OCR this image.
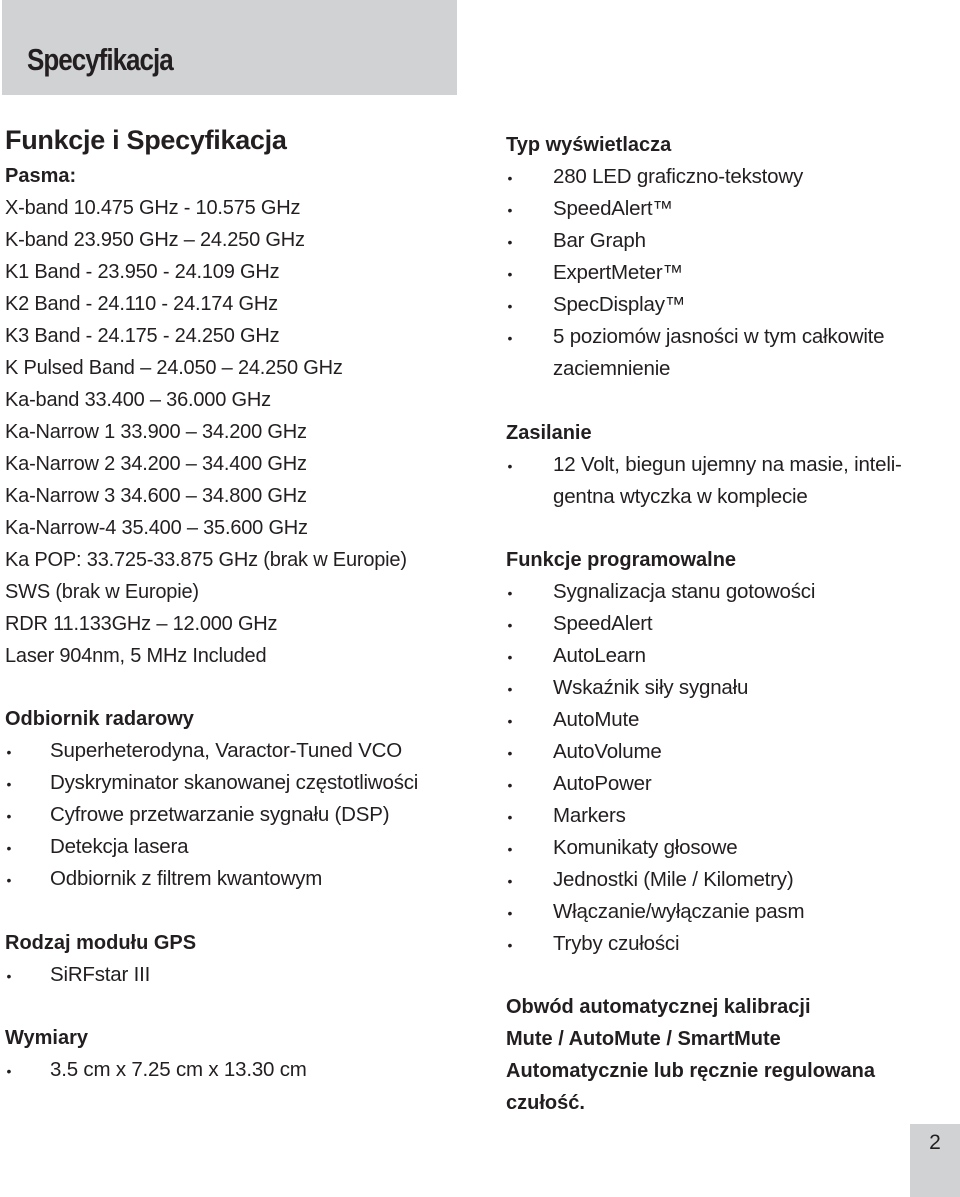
Specyfikacja
Funkcje i Specyfikacja
Pasma:
X-band 10.475 GHz - 10.575 GHz
K-band 23.950 GHz – 24.250 GHz
K1 Band - 23.950 - 24.109 GHz
K2 Band - 24.110 - 24.174 GHz
K3 Band - 24.175 - 24.250 GHz
K Pulsed Band – 24.050 – 24.250 GHz
Ka-band 33.400 – 36.000 GHz
Ka-Narrow 1 33.900 – 34.200 GHz
Ka-Narrow 2 34.200 – 34.400 GHz
Ka-Narrow 3 34.600 – 34.800 GHz
Ka-Narrow-4 35.400 – 35.600 GHz
Ka POP: 33.725-33.875 GHz (brak w Europie)
SWS (brak w Europie)
RDR 11.133GHz – 12.000 GHz
Laser 904nm, 5 MHz Included
Odbiornik radarowy
• Superheterodyna, Varactor-Tuned VCO
• Dyskryminator skanowanej częstotliwości
• Cyfrowe przetwarzanie sygnału (DSP)
• Detekcja lasera
• Odbiornik z filtrem kwantowym
Rodzaj modułu GPS
• SiRFstar III
Wymiary
• 3.5 cm x 7.25 cm x 13.30 cm
Typ wyświetlacza
• 280 LED graficzno-tekstowy
• SpeedAlert™
• Bar Graph
• ExpertMeter™
• SpecDisplay™
• 5 poziomów jasności w tym całkowite
zaciemnienie
Zasilanie
• 12 Volt, biegun ujemny na masie, inteli-
gentna wtyczka w komplecie
Funkcje programowalne
• Sygnalizacja stanu gotowości
• SpeedAlert
• AutoLearn
• Wskaźnik siły sygnału
• AutoMute
• AutoVolume
• AutoPower
• Markers
• Komunikaty głosowe
• Jednostki (Mile / Kilometry)
• Włączanie/wyłączanie pasm
• Tryby czułości
Obwód automatycznej kalibracji
Mute / AutoMute / SmartMute
Automatycznie lub ręcznie regulowana
czułość.
2
